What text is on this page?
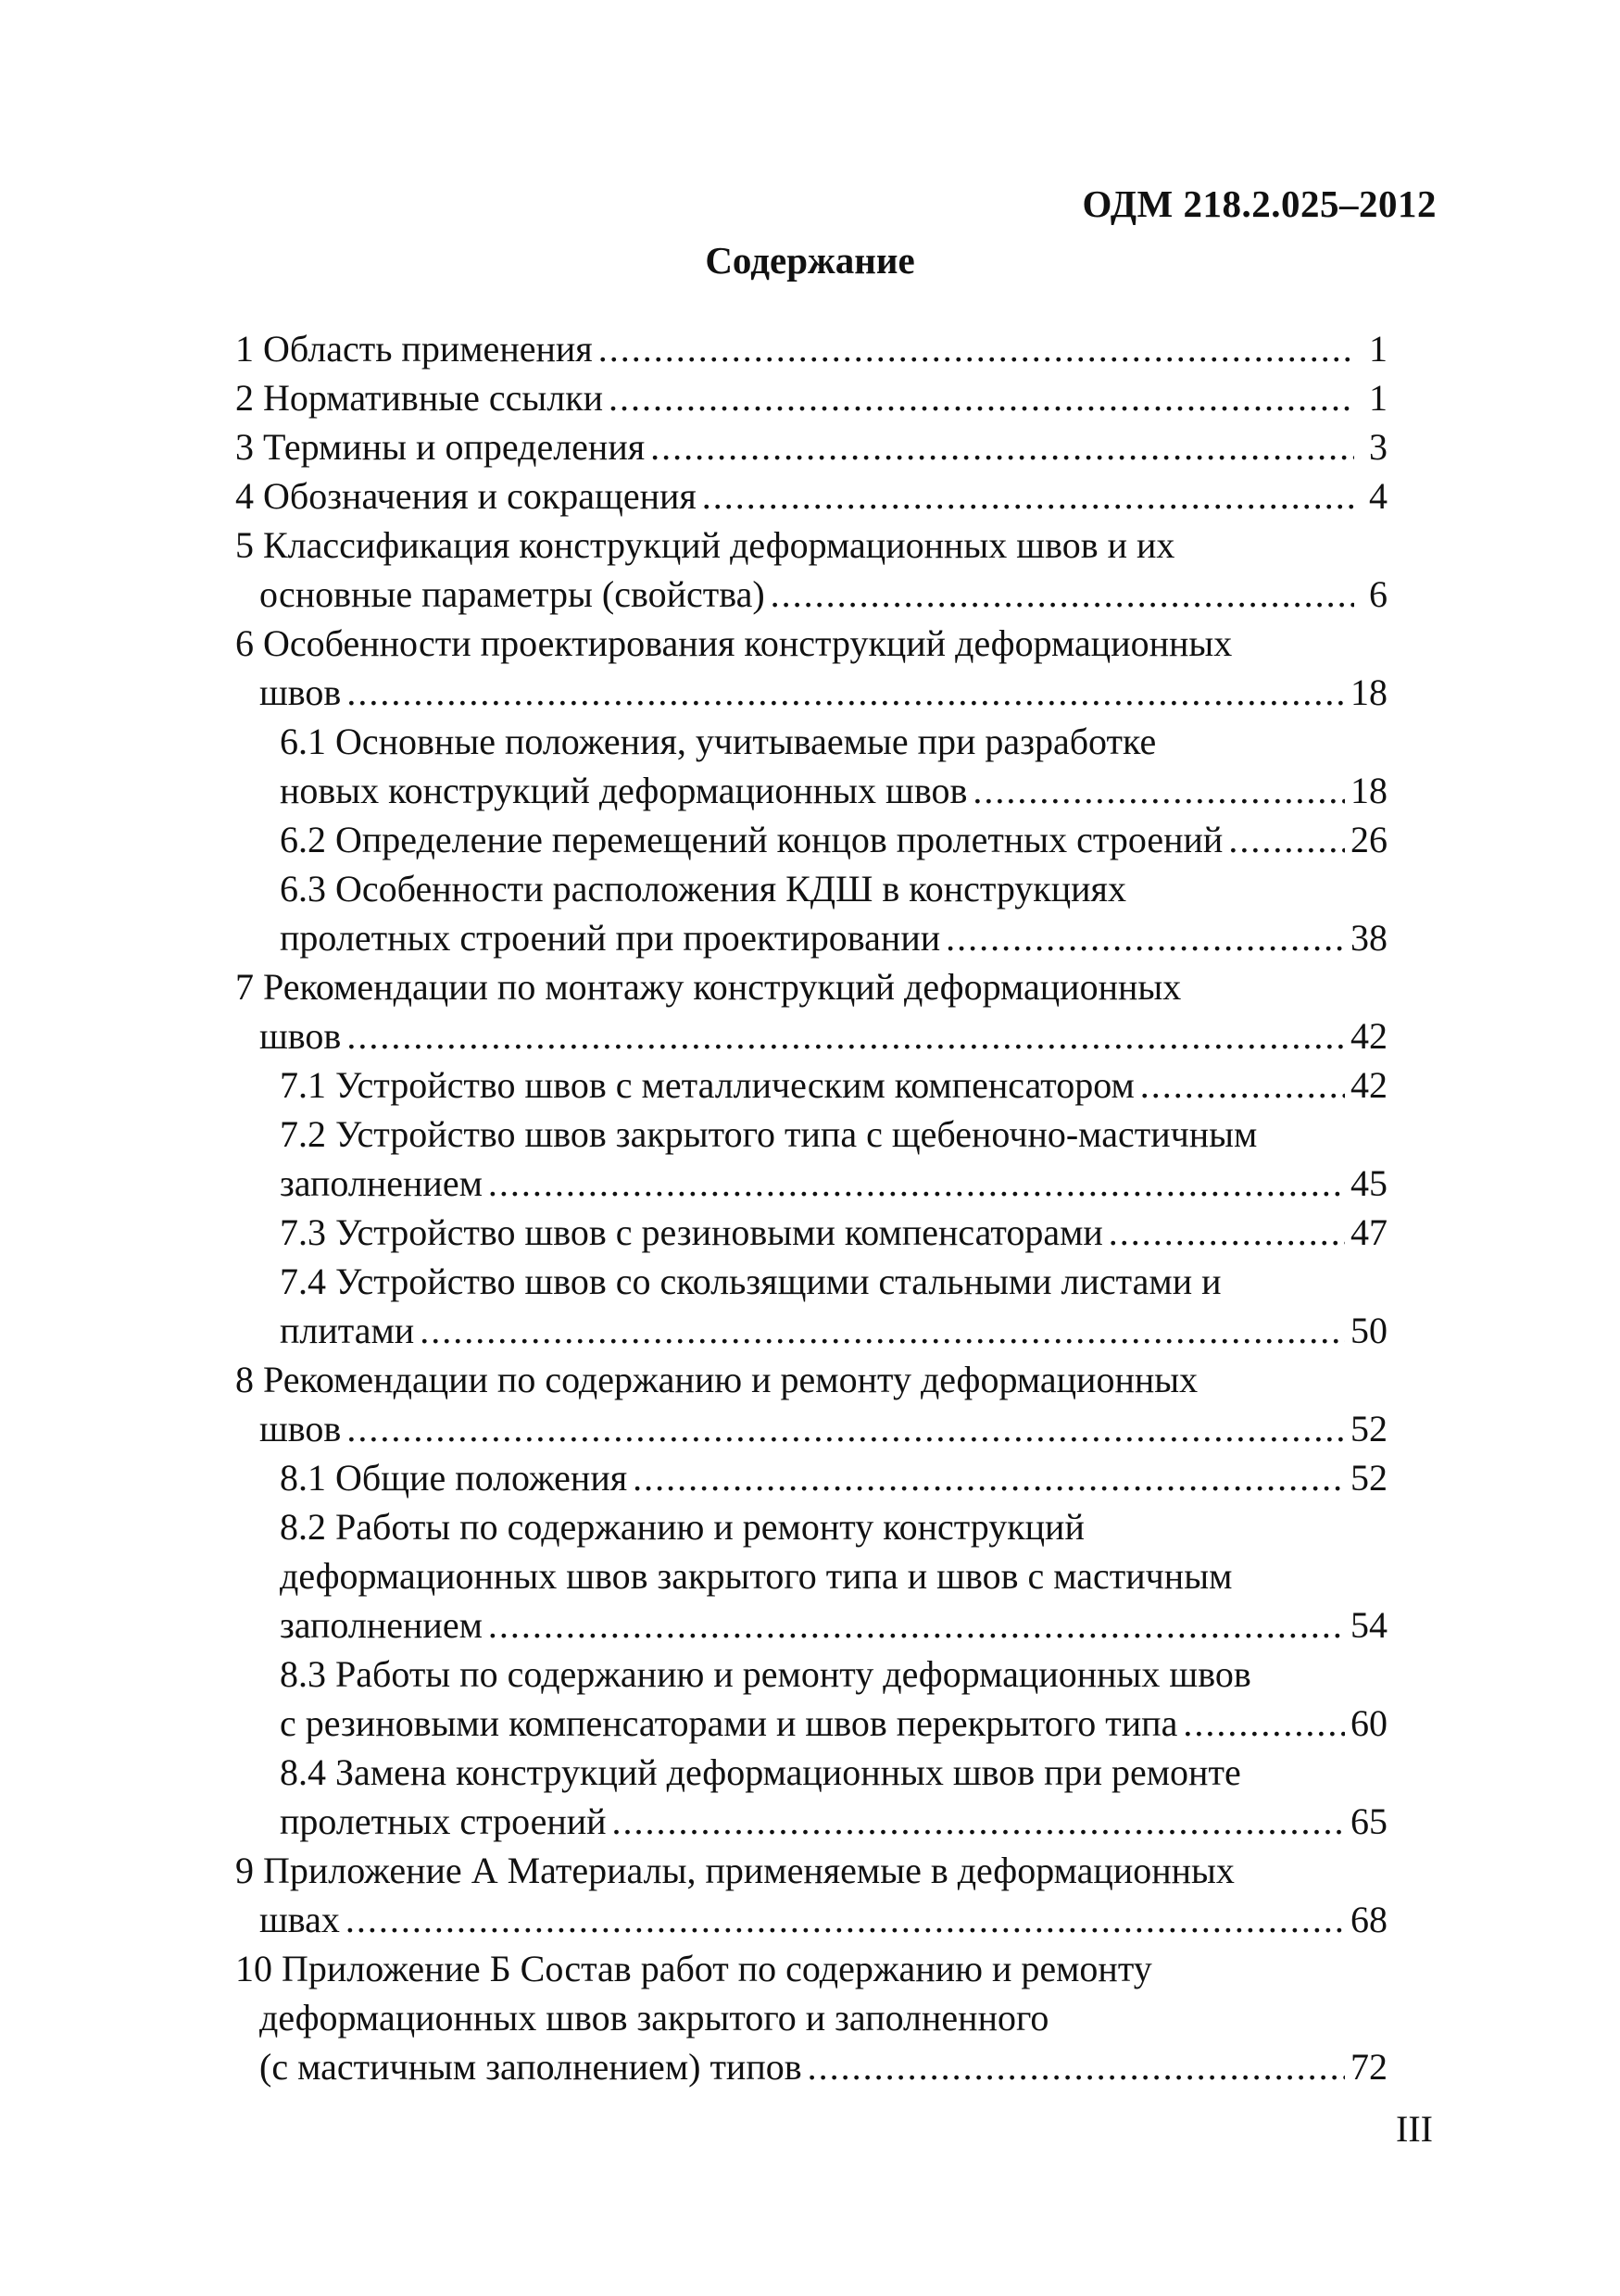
ОДМ 218.2.025–2012
Содержание
1 Область применения .....	1
2 Нормативные ссылки .....	1
3 Термины и определения .....	3
4 Обозначения и сокращения .....	4
5 Классификация конструкций деформационных швов и их
основные параметры (свойства) .....	6
6 Особенности проектирования конструкций деформационных
швов .....	18
6.1 Основные положения, учитываемые при разработке
новых конструкций деформационных швов .....	18
6.2 Определение перемещений концов пролетных строений .....	26
6.3 Особенности расположения КДШ в конструкциях
пролетных строений при проектировании .....	38
7 Рекомендации по монтажу конструкций деформационных
швов .....	42
7.1 Устройство швов с металлическим компенсатором .....	42
7.2 Устройство швов закрытого типа с щебеночно-мастичным
заполнением .....	45
7.3 Устройство швов с резиновыми компенсаторами .....	47
7.4 Устройство швов со скользящими стальными листами и
плитами .....	50
8 Рекомендации по содержанию и ремонту деформационных
швов .....	52
8.1 Общие положения .....	52
8.2 Работы по содержанию и ремонту конструкций
деформационных швов закрытого типа и швов с мастичным
заполнением .....	54
8.3 Работы по содержанию и ремонту деформационных швов
с резиновыми компенсаторами и швов перекрытого типа .....	60
8.4 Замена конструкций деформационных швов при ремонте
пролетных строений .....	65
9 Приложение А Материалы, применяемые в деформационных
швах .....	68
10 Приложение Б Состав работ по содержанию и ремонту
деформационных швов закрытого и заполненного
(с мастичным заполнением) типов .....	72
III
